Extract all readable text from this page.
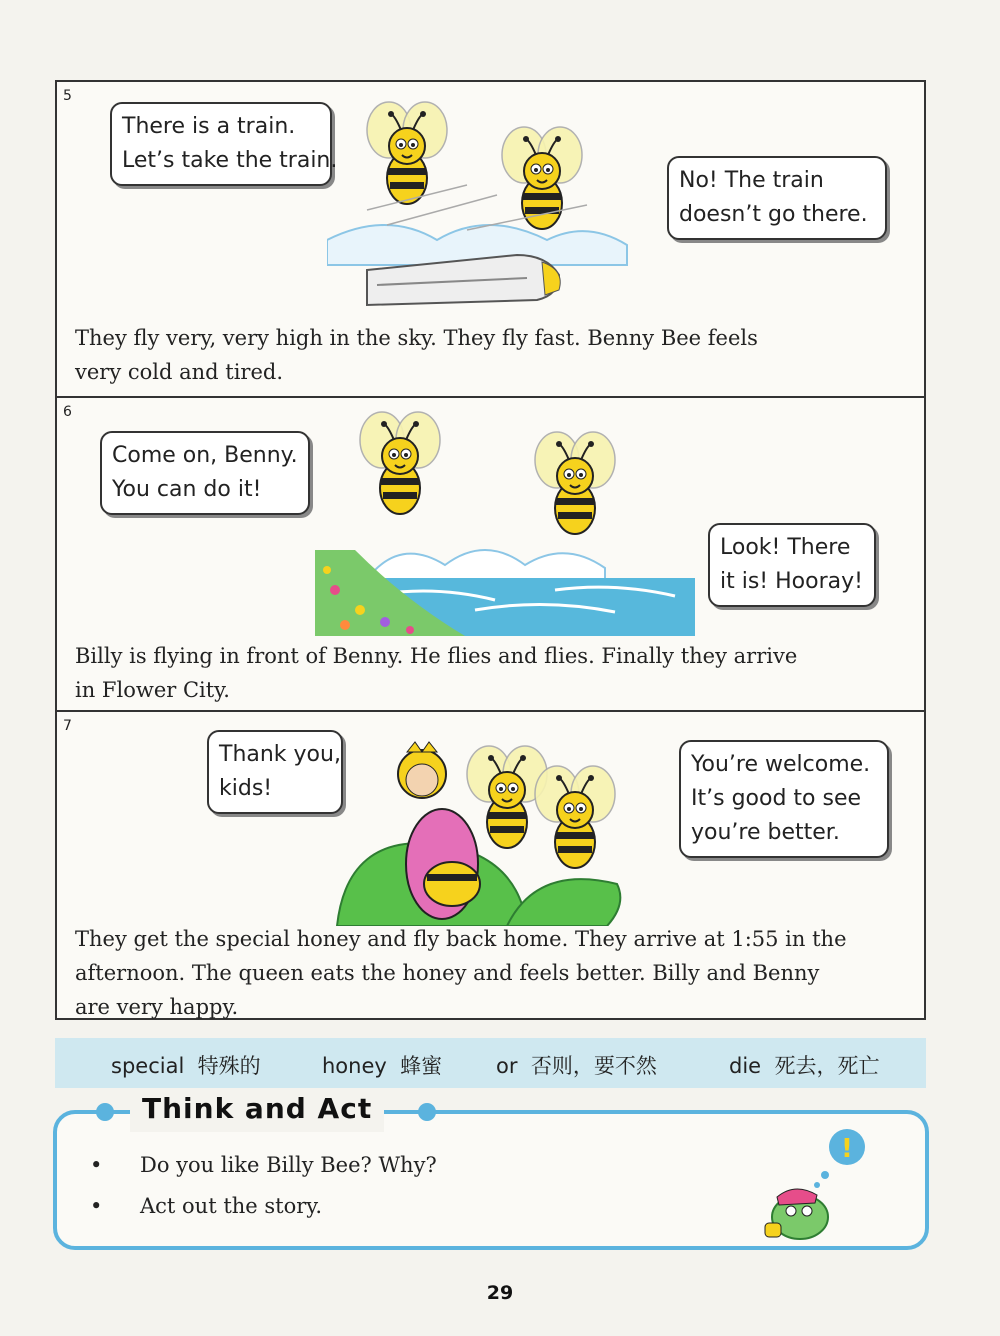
5
There is a train.
Let’s take the train.
No! The train
doesn’t go there.
They fly very, very high in the sky. They fly fast. Benny Bee feels
very cold and tired.
6
Come on, Benny.
You can do it!
Look! There
it is! Hooray!
Billy is flying in front of Benny. He flies and flies. Finally they arrive
in Flower City.
7
Thank you,
kids!
You’re welcome.
It’s good to see
you’re better.
They get the special honey and fly back home. They arrive at 1:55 in the
afternoon. The queen eats the honey and feels better. Billy and Benny
are very happy.
special 特殊的	honey 蜂蜜	or 否则，要不然	die 死去，死亡
Think and Act
• Do you like Billy Bee? Why?
• Act out the story.
!
29
